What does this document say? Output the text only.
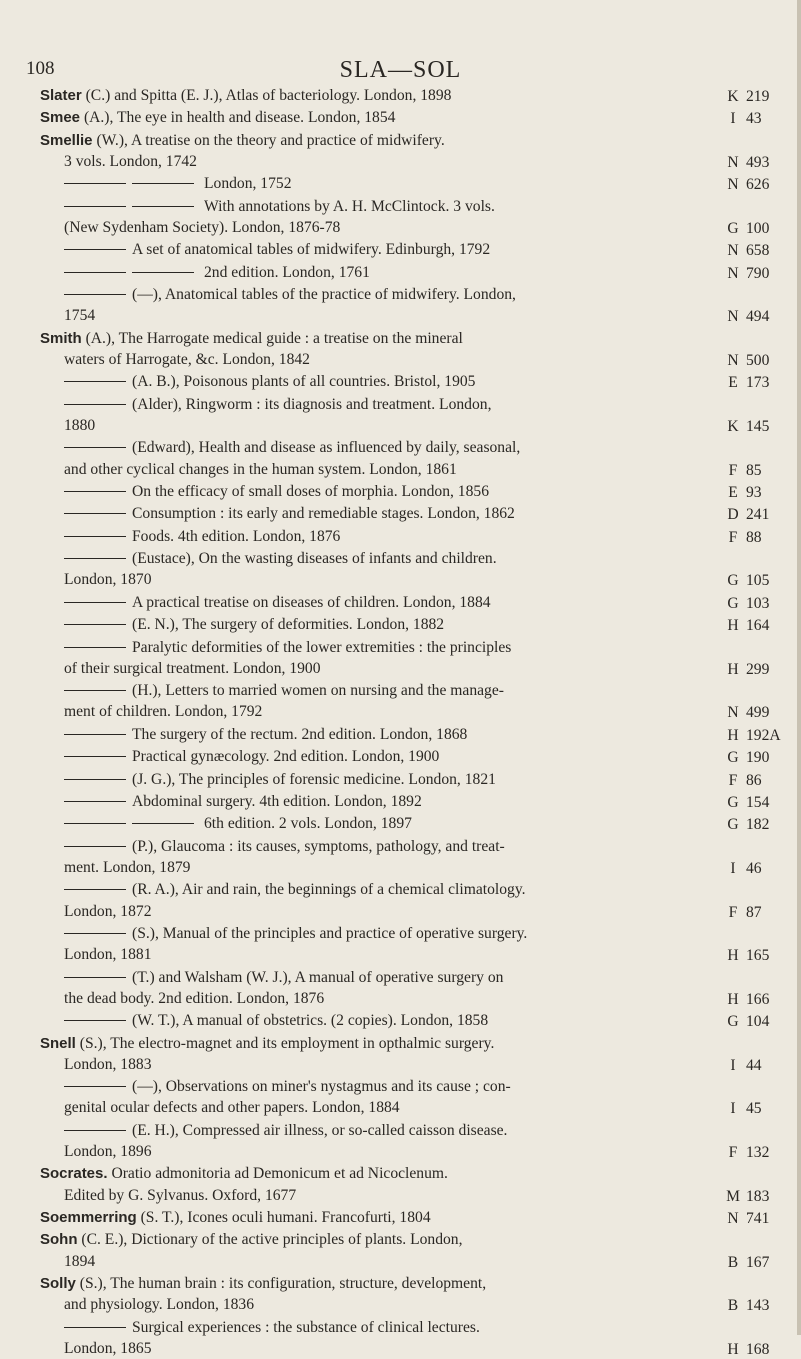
108	SLA—SOL
Slater (C.) and Spitta (E. J.), Atlas of bacteriology. London, 1898	K 219
Smee (A.), The eye in health and disease. London, 1854	I 43
Smellie (W.), A treatise on the theory and practice of midwifery.
3 vols. London, 1742	N 493
London, 1752	N 626
With annotations by A. H. McClintock. 3 vols.
(New Sydenham Society). London, 1876-78	G 100
A set of anatomical tables of midwifery. Edinburgh, 1792	N 658
2nd edition. London, 1761	N 790
(—), Anatomical tables of the practice of midwifery. London,
1754	N 494
Smith (A.), The Harrogate medical guide : a treatise on the mineral
waters of Harrogate, &c. London, 1842	N 500
(A. B.), Poisonous plants of all countries. Bristol, 1905	E 173
(Alder), Ringworm : its diagnosis and treatment. London,
1880	K 145
(Edward), Health and disease as influenced by daily, seasonal,
and other cyclical changes in the human system. London, 1861	F 85
On the efficacy of small doses of morphia. London, 1856	E 93
Consumption : its early and remediable stages. London, 1862	D 241
Foods. 4th edition. London, 1876	F 88
(Eustace), On the wasting diseases of infants and children.
London, 1870	G 105
A practical treatise on diseases of children. London, 1884	G 103
(E. N.), The surgery of deformities. London, 1882	H 164
Paralytic deformities of the lower extremities : the principles
of their surgical treatment. London, 1900	H 299
(H.), Letters to married women on nursing and the manage-
ment of children. London, 1792	N 499
The surgery of the rectum. 2nd edition. London, 1868	H 192A
Practical gynæcology. 2nd edition. London, 1900	G 190
(J. G.), The principles of forensic medicine. London, 1821	F 86
Abdominal surgery. 4th edition. London, 1892	G 154
6th edition. 2 vols. London, 1897	G 182
(P.), Glaucoma : its causes, symptoms, pathology, and treat-
ment. London, 1879	I 46
(R. A.), Air and rain, the beginnings of a chemical climatology.
London, 1872	F 87
(S.), Manual of the principles and practice of operative surgery.
London, 1881	H 165
(T.) and Walsham (W. J.), A manual of operative surgery on
the dead body. 2nd edition. London, 1876	H 166
(W. T.), A manual of obstetrics. (2 copies). London, 1858	G 104
Snell (S.), The electro-magnet and its employment in opthalmic surgery.
London, 1883	I 44
(—), Observations on miner's nystagmus and its cause ; con-
genital ocular defects and other papers. London, 1884	I 45
(E. H.), Compressed air illness, or so-called caisson disease.
London, 1896	F 132
Socrates. Oratio admonitoria ad Demonicum et ad Nicoclenum.
Edited by G. Sylvanus. Oxford, 1677	M 183
Soemmerring (S. T.), Icones oculi humani. Francofurti, 1804	N 741
Sohn (C. E.), Dictionary of the active principles of plants. London,
1894	B 167
Solly (S.), The human brain : its configuration, structure, development,
and physiology. London, 1836	B 143
Surgical experiences : the substance of clinical lectures.
London, 1865	H 168
